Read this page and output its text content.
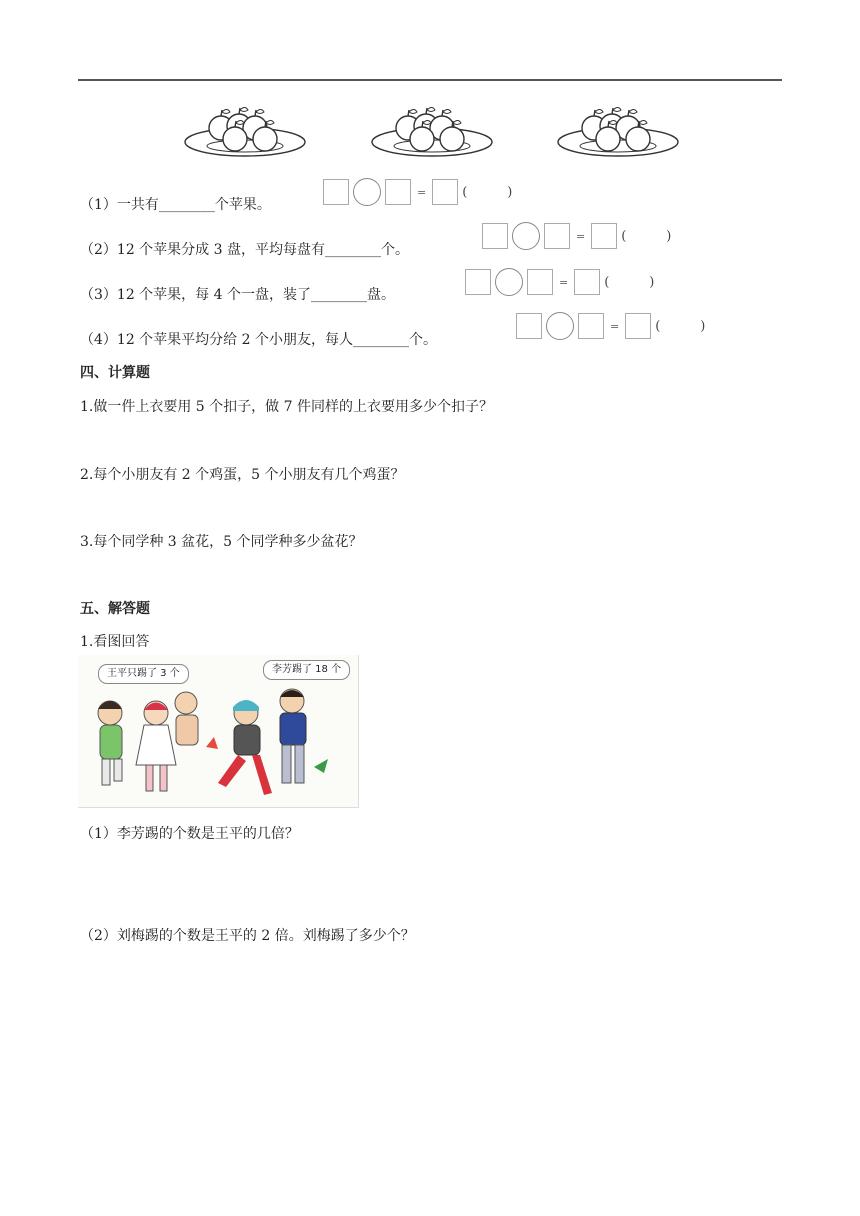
（1）一共有________个苹果。
=	(	)
（2）12 个苹果分成 3 盘，平均每盘有________个。
=	(	)
（3）12 个苹果，每 4 个一盘，装了________盘。
=	(	)
（4）12 个苹果平均分给 2 个小朋友，每人________个。
=	(	)
四、计算题
1.做一件上衣要用 5 个扣子，做 7 件同样的上衣要用多少个扣子？
2.每个小朋友有 2 个鸡蛋，5 个小朋友有几个鸡蛋？
3.每个同学种 3 盆花，5 个同学种多少盆花？
五、解答题
1.看图回答
王平只踢了 3 个	李芳踢了 18 个
（1）李芳踢的个数是王平的几倍？
（2）刘梅踢的个数是王平的 2 倍。刘梅踢了多少个？
